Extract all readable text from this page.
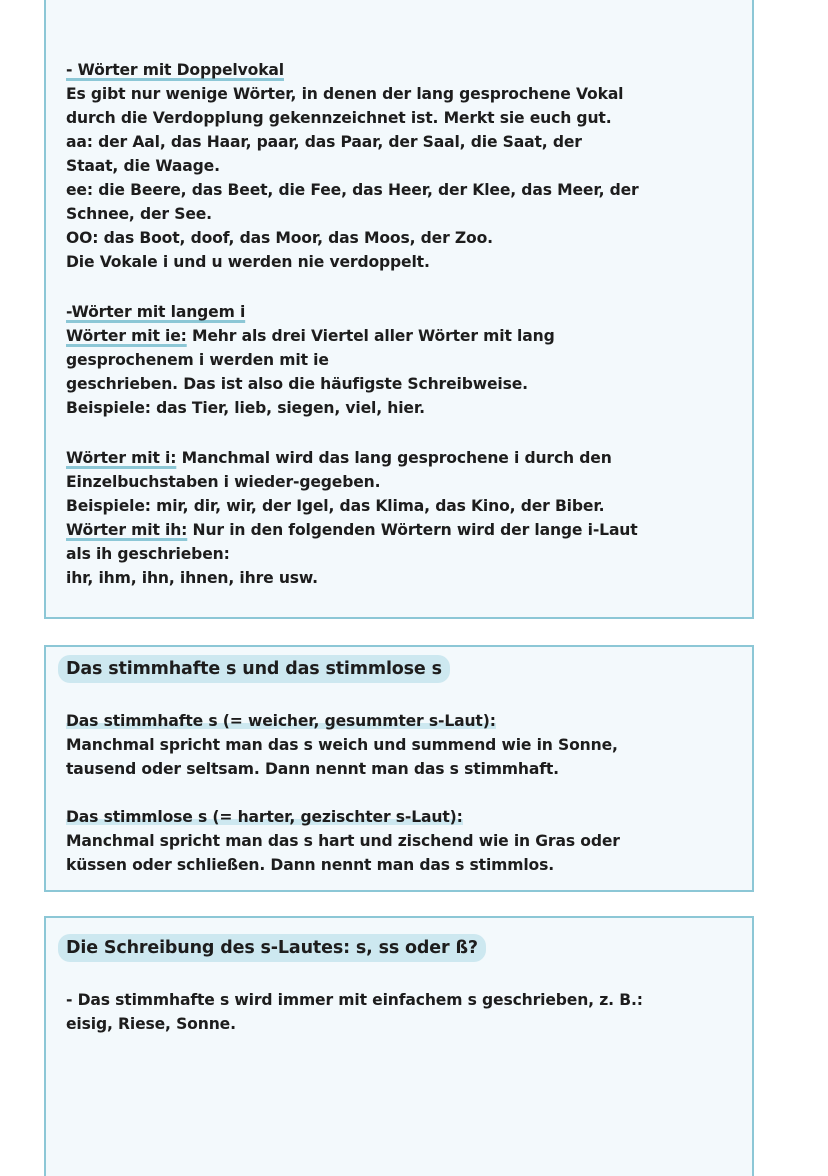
- Wörter mit Doppelvokal
Es gibt nur wenige Wörter, in denen der lang gesprochene Vokal
durch die Verdopplung gekennzeichnet ist. Merkt sie euch gut.
aa: der Aal, das Haar, paar, das Paar, der Saal, die Saat, der
Staat, die Waage.
ee: die Beere, das Beet, die Fee, das Heer, der Klee, das Meer, der
Schnee, der See.
OO: das Boot, doof, das Moor, das Moos, der Zoo.
Die Vokale i und u werden nie verdoppelt.
-Wörter mit langem i
Wörter mit ie: Mehr als drei Viertel aller Wörter mit lang
gesprochenem i werden mit ie
geschrieben. Das ist also die häufigste Schreibweise.
Beispiele: das Tier, lieb, siegen, viel, hier.
Wörter mit i: Manchmal wird das lang gesprochene i durch den
Einzelbuchstaben i wieder-gegeben.
Beispiele: mir, dir, wir, der Igel, das Klima, das Kino, der Biber.
Wörter mit ih: Nur in den folgenden Wörtern wird der lange i-Laut
als ih geschrieben:
ihr, ihm, ihn, ihnen, ihre usw.
Das stimmhafte s und das stimmlose s
Das stimmhafte s (= weicher, gesummter s-Laut):
Manchmal spricht man das s weich und summend wie in Sonne,
tausend oder seltsam. Dann nennt man das s stimmhaft.
Das stimmlose s (= harter, gezischter s-Laut):
Manchmal spricht man das s hart und zischend wie in Gras oder
küssen oder schließen. Dann nennt man das s stimmlos.
Die Schreibung des s-Lautes: s, ss oder ß?
- Das stimmhafte s wird immer mit einfachem s geschrieben, z. B.:
eisig, Riese, Sonne.
